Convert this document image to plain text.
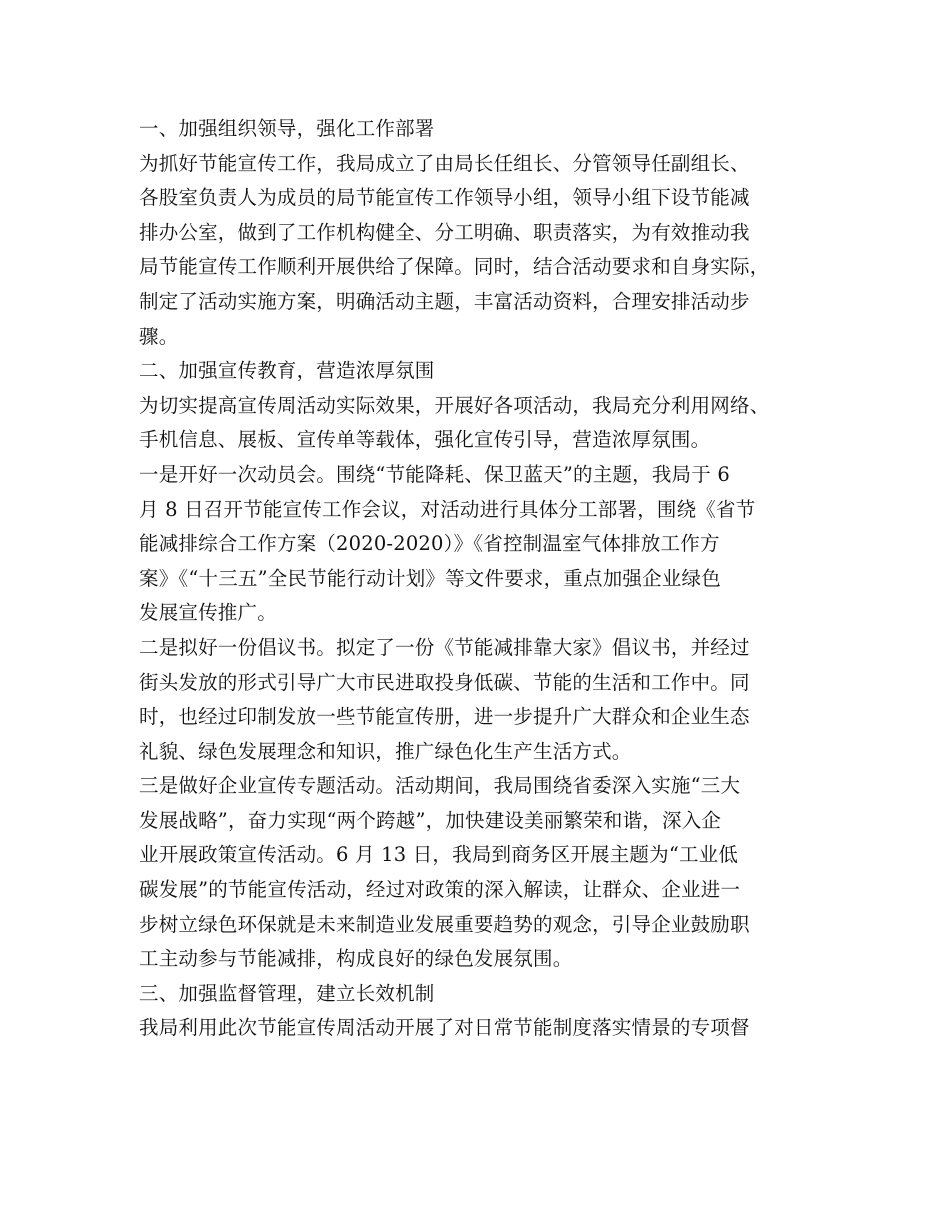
一、加强组织领导，强化工作部署
为抓好节能宣传工作，我局成立了由局长任组长、分管领导任副组长、
各股室负责人为成员的局节能宣传工作领导小组，领导小组下设节能减
排办公室，做到了工作机构健全、分工明确、职责落实，为有效推动我
局节能宣传工作顺利开展供给了保障。同时，结合活动要求和自身实际，
制定了活动实施方案，明确活动主题，丰富活动资料，合理安排活动步
骤。
二、加强宣传教育，营造浓厚氛围
为切实提高宣传周活动实际效果，开展好各项活动，我局充分利用网络、
手机信息、展板、宣传单等载体，强化宣传引导，营造浓厚氛围。
一是开好一次动员会。围绕“节能降耗、保卫蓝天”的主题，我局于 6
月 8 日召开节能宣传工作会议，对活动进行具体分工部署，围绕《省节
能减排综合工作方案（2020-2020）》《省控制温室气体排放工作方
案》《“十三五”全民节能行动计划》等文件要求，重点加强企业绿色
发展宣传推广。
二是拟好一份倡议书。拟定了一份《节能减排靠大家》倡议书，并经过
街头发放的形式引导广大市民进取投身低碳、节能的生活和工作中。同
时，也经过印制发放一些节能宣传册，进一步提升广大群众和企业生态
礼貌、绿色发展理念和知识，推广绿色化生产生活方式。
三是做好企业宣传专题活动。活动期间，我局围绕省委深入实施“三大
发展战略”，奋力实现“两个跨越”，加快建设美丽繁荣和谐，深入企
业开展政策宣传活动。6 月 13 日，我局到商务区开展主题为“工业低
碳发展”的节能宣传活动，经过对政策的深入解读，让群众、企业进一
步树立绿色环保就是未来制造业发展重要趋势的观念，引导企业鼓励职
工主动参与节能减排，构成良好的绿色发展氛围。
三、加强监督管理，建立长效机制
我局利用此次节能宣传周活动开展了对日常节能制度落实情景的专项督
